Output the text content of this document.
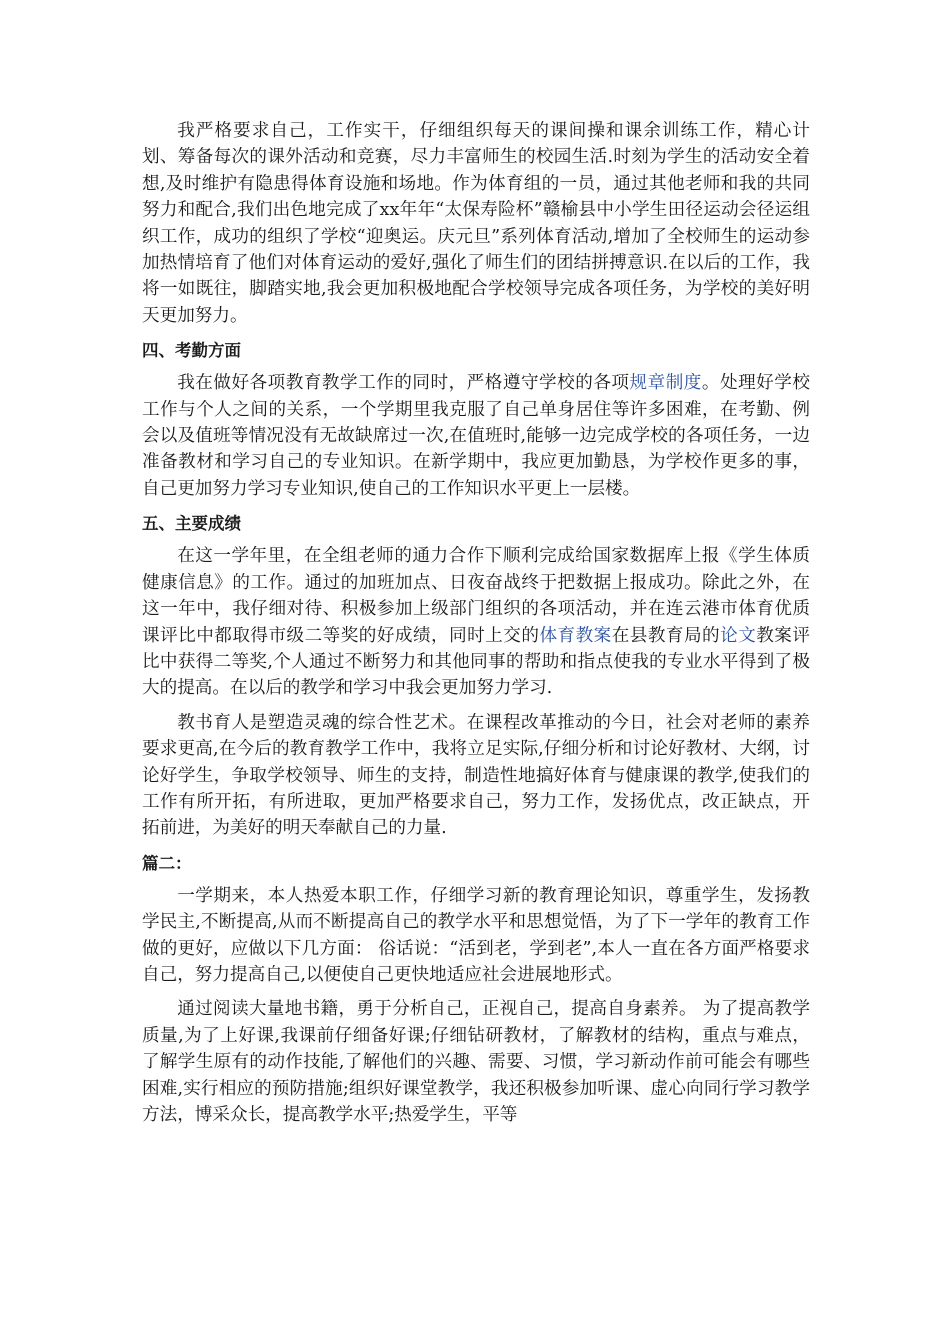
我严格要求自己，工作实干，仔细组织每天的课间操和课余训练工作，精心计划、筹备每次的课外活动和竞赛，尽力丰富师生的校园生活.时刻为学生的活动安全着想,及时维护有隐患得体育设施和场地。作为体育组的一员，通过其他老师和我的共同努力和配合,我们出色地完成了xx年年“太保寿险杯”赣榆县中小学生田径运动会径运组织工作，成功的组织了学校“迎奥运。庆元旦”系列体育活动,增加了全校师生的运动参加热情培育了他们对体育运动的爱好,强化了师生们的团结拼搏意识.在以后的工作，我将一如既往，脚踏实地,我会更加积极地配合学校领导完成各项任务，为学校的美好明天更加努力。

四、考勤方面

我在做好各项教育教学工作的同时，严格遵守学校的各项规章制度。处理好学校工作与个人之间的关系，一个学期里我克服了自己单身居住等许多困难，在考勤、例会以及值班等情况没有无故缺席过一次,在值班时,能够一边完成学校的各项任务，一边准备教材和学习自己的专业知识。在新学期中，我应更加勤恳，为学校作更多的事，自己更加努力学习专业知识,使自己的工作知识水平更上一层楼。

五、主要成绩

在这一学年里，在全组老师的通力合作下顺利完成给国家数据库上报《学生体质健康信息》的工作。通过的加班加点、日夜奋战终于把数据上报成功。除此之外，在这一年中，我仔细对待、积极参加上级部门组织的各项活动，并在连云港市体育优质课评比中都取得市级二等奖的好成绩，同时上交的体育教案在县教育局的论文教案评比中获得二等奖,个人通过不断努力和其他同事的帮助和指点使我的专业水平得到了极大的提高。在以后的教学和学习中我会更加努力学习.

教书育人是塑造灵魂的综合性艺术。在课程改革推动的今日，社会对老师的素养要求更高,在今后的教育教学工作中，我将立足实际,仔细分析和讨论好教材、大纲，讨论好学生，争取学校领导、师生的支持，制造性地搞好体育与健康课的教学,使我们的工作有所开拓，有所进取，更加严格要求自己，努力工作，发扬优点，改正缺点，开拓前进，为美好的明天奉献自己的力量.

篇二：

一学期来，本人热爱本职工作，仔细学习新的教育理论知识，尊重学生，发扬教学民主,不断提高,从而不断提高自己的教学水平和思想觉悟，为了下一学年的教育工作做的更好，应做以下几方面： 俗话说：“活到老，学到老”,本人一直在各方面严格要求自己，努力提高自己,以便使自己更快地适应社会进展地形式。

通过阅读大量地书籍，勇于分析自己，正视自己，提高自身素养。 为了提高教学质量,为了上好课,我课前仔细备好课;仔细钻研教材，了解教材的结构，重点与难点，了解学生原有的动作技能,了解他们的兴趣、需要、习惯，学习新动作前可能会有哪些困难,实行相应的预防措施;组织好课堂教学，我还积极参加听课、虚心向同行学习教学方法，博采众长，提高教学水平;热爱学生，平等
